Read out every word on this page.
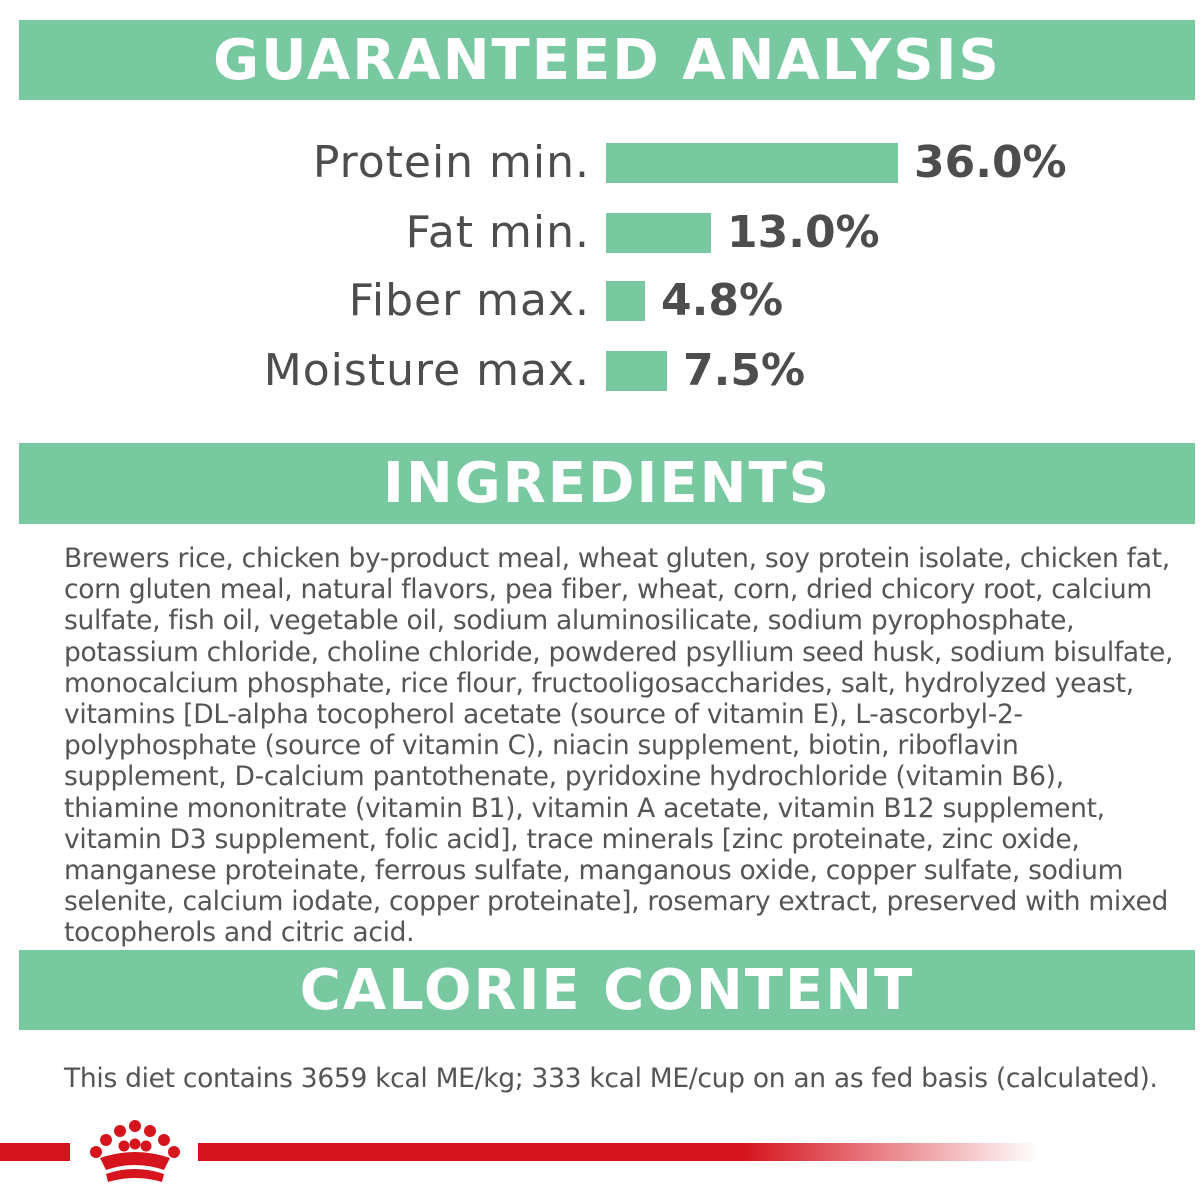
GUARANTEED ANALYSIS
Protein min.	36.0%
Fat min.	13.0%
Fiber max. 4.8%
Moisture max. 7.5%
INGREDIENTS

Brewers rice, chicken by-product meal, wheat gluten, soy protein isolate, chicken fat, corn gluten meal, natural flavors, pea fiber, wheat, corn, dried chicory root, calcium sulfate, fish oil, vegetable oil, sodium aluminosilicate, sodium pyrophosphate, potassium chloride, choline chloride, powdered psyllium seed husk, sodium bisulfate, monocalcium phosphate, rice flour, fructooligosaccharides, salt, hydrolyzed yeast, vitamins [DL-alpha tocopherol acetate (source of vitamin E), L-ascorbyl-2-polyphosphate (source of vitamin C), niacin supplement, biotin, riboflavin supplement, D-calcium pantothenate, pyridoxine hydrochloride (vitamin B6), thiamine mononitrate (vitamin B1), vitamin A acetate, vitamin B12 supplement, vitamin D3 supplement, folic acid], trace minerals [zinc proteinate, zinc oxide, manganese proteinate, ferrous sulfate, manganous oxide, copper sulfate, sodium selenite, calcium iodate, copper proteinate], rosemary extract, preserved with mixed tocopherols and citric acid.

CALORIE CONTENT

This diet contains 3659 kcal ME/kg; 333 kcal ME/cup on an as fed basis (calculated).
